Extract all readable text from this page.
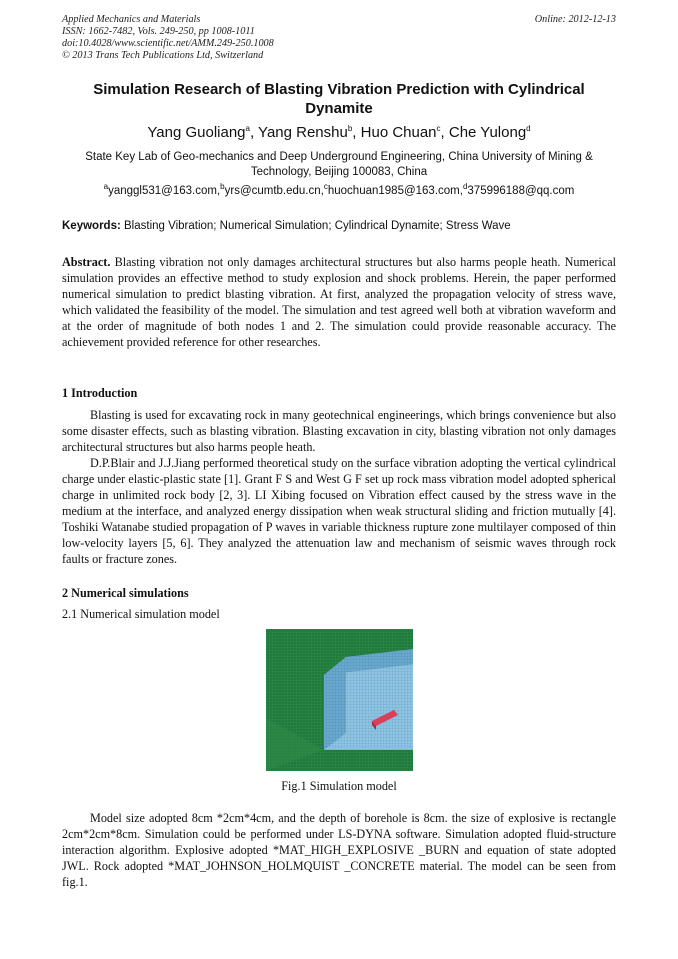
Applied Mechanics and Materials
ISSN: 1662-7482, Vols. 249-250, pp 1008-1011
doi:10.4028/www.scientific.net/AMM.249-250.1008
© 2013 Trans Tech Publications Ltd, Switzerland
Online: 2012-12-13
Simulation Research of Blasting Vibration Prediction with Cylindrical Dynamite
Yang Guoliang$^a$, Yang Renshu$^b$, Huo Chuan$^c$, Che Yulong$^d$
State Key Lab of Geo-mechanics and Deep Underground Engineering, China University of Mining & Technology, Beijing 100083, China
$^a$yanggl531@163.com,$^b$yrs@cumtb.edu.cn,$^c$huochuan1985@163.com,$^d$375996188@qq.com
Keywords: Blasting Vibration; Numerical Simulation; Cylindrical Dynamite; Stress Wave
Abstract. Blasting vibration not only damages architectural structures but also harms people heath. Numerical simulation provides an effective method to study explosion and shock problems. Herein, the paper performed numerical simulation to predict blasting vibration. At first, analyzed the propagation velocity of stress wave, which validated the feasibility of the model. The simulation and test agreed well both at vibration waveform and at the order of magnitude of both nodes 1 and 2. The simulation could provide reasonable accuracy. The achievement provided reference for other researches.
1 Introduction
Blasting is used for excavating rock in many geotechnical engineerings, which brings convenience but also some disaster effects, such as blasting vibration. Blasting excavation in city, blasting vibration not only damages architectural structures but also harms people heath.
D.P.Blair and J.J.Jiang performed theoretical study on the surface vibration adopting the vertical cylindrical charge under elastic-plastic state [1]. Grant F S and West G F set up rock mass vibration model adopted spherical charge in unlimited rock body [2, 3]. LI Xibing focused on Vibration effect caused by the stress wave in the medium at the interface, and analyzed energy dissipation when weak structural sliding and friction mutually [4]. Toshiki Watanabe studied propagation of P waves in variable thickness rupture zone multilayer composed of thin low-velocity layers [5, 6]. They analyzed the attenuation law and mechanism of seismic waves through rock faults or fracture zones.
2 Numerical simulations
2.1 Numerical simulation model
Fig.1 Simulation model
Model size adopted 8cm *2cm*4cm, and the depth of borehole is 8cm. the size of explosive is rectangle 2cm*2cm*8cm. Simulation could be performed under LS-DYNA software. Simulation adopted fluid-structure interaction algorithm. Explosive adopted *MAT_HIGH_EXPLOSIVE _BURN and equation of state adopted JWL. Rock adopted *MAT_JOHNSON_HOLMQUIST _CONCRETE material. The model can be seen from fig.1.
